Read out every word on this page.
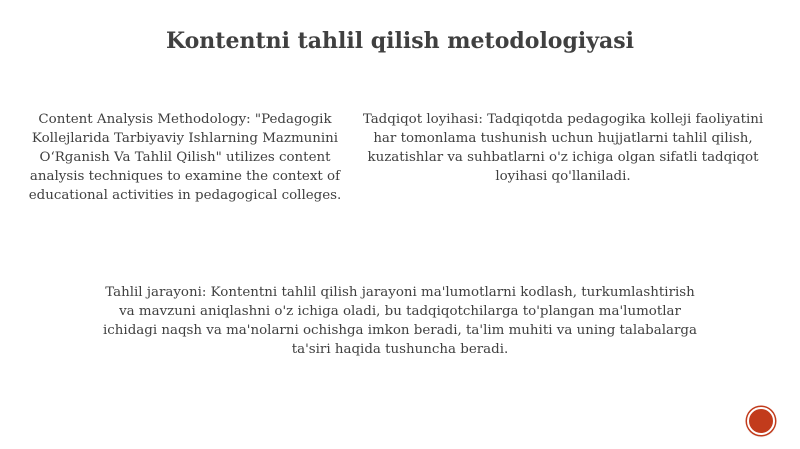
Kontentni tahlil qilish metodologiyasi

Content Analysis Methodology: "Pedagogik Kollejlarida Tarbiyaviy Ishlarning Mazmunini O‘Rganish Va Tahlil Qilish" utilizes content analysis techniques to examine the context of educational activities in pedagogical colleges.

Tadqiqot loyihasi: Tadqiqotda pedagogika kolleji faoliyatini har tomonlama tushunish uchun hujjatlarni tahlil qilish, kuzatishlar va suhbatlarni o'z ichiga olgan sifatli tadqiqot loyihasi qo'llaniladi.

Tahlil jarayoni: Kontentni tahlil qilish jarayoni ma'lumotlarni kodlash, turkumlashtirish va mavzuni aniqlashni o'z ichiga oladi, bu tadqiqotchilarga to'plangan ma'lumotlar ichidagi naqsh va ma'nolarni ochishga imkon beradi, ta'lim muhiti va uning talabalarga ta'siri haqida tushuncha beradi.
